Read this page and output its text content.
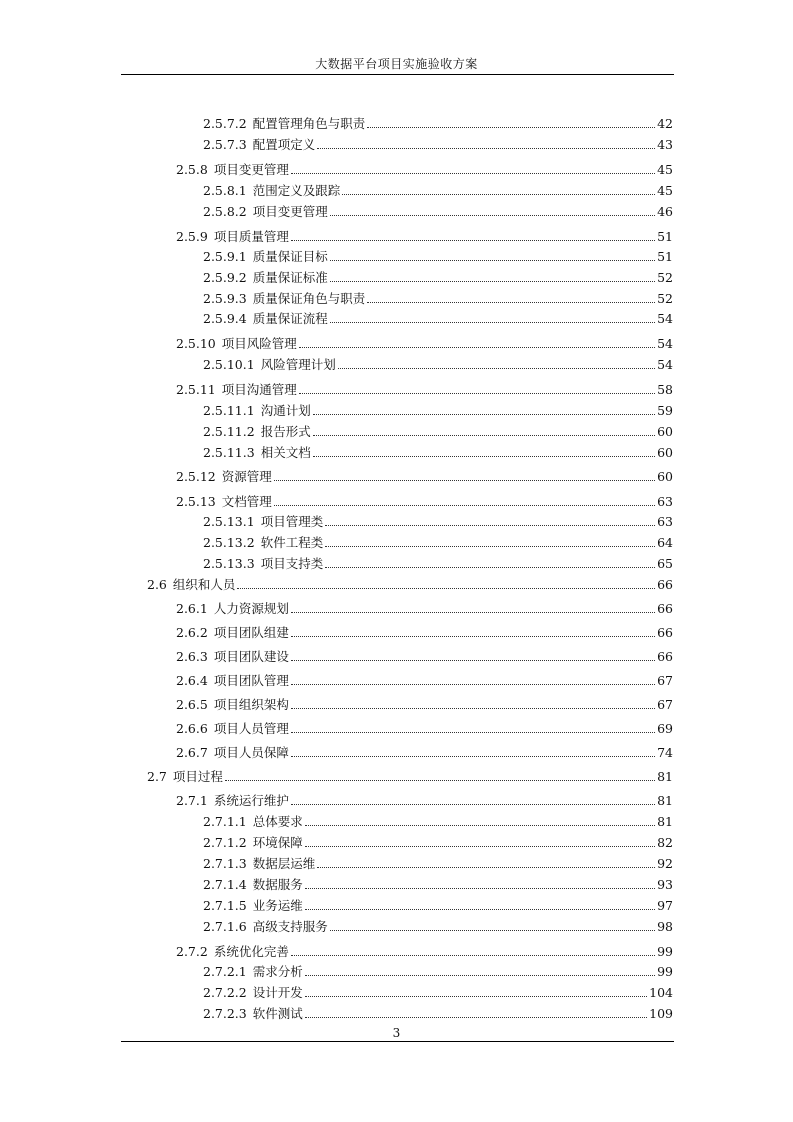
大数据平台项目实施验收方案
2.5.7.2 配置管理角色与职责	42
2.5.7.3 配置项定义	43
2.5.8 项目变更管理	45
2.5.8.1 范围定义及跟踪	45
2.5.8.2 项目变更管理	46
2.5.9 项目质量管理	51
2.5.9.1 质量保证目标	51
2.5.9.2 质量保证标准	52
2.5.9.3 质量保证角色与职责	52
2.5.9.4 质量保证流程	54
2.5.10 项目风险管理	54
2.5.10.1 风险管理计划	54
2.5.11 项目沟通管理	58
2.5.11.1 沟通计划	59
2.5.11.2 报告形式	60
2.5.11.3 相关文档	60
2.5.12 资源管理	60
2.5.13 文档管理	63
2.5.13.1 项目管理类	63
2.5.13.2 软件工程类	64
2.5.13.3 项目支持类	65
2.6 组织和人员	66
2.6.1 人力资源规划	66
2.6.2 项目团队组建	66
2.6.3 项目团队建设	66
2.6.4 项目团队管理	67
2.6.5 项目组织架构	67
2.6.6 项目人员管理	69
2.6.7 项目人员保障	74
2.7 项目过程	81
2.7.1 系统运行维护	81
2.7.1.1 总体要求	81
2.7.1.2 环境保障	82
2.7.1.3 数据层运维	92
2.7.1.4 数据服务	93
2.7.1.5 业务运维	97
2.7.1.6 高级支持服务	98
2.7.2 系统优化完善	99
2.7.2.1 需求分析	99
2.7.2.2 设计开发	104
2.7.2.3 软件测试	109
3
